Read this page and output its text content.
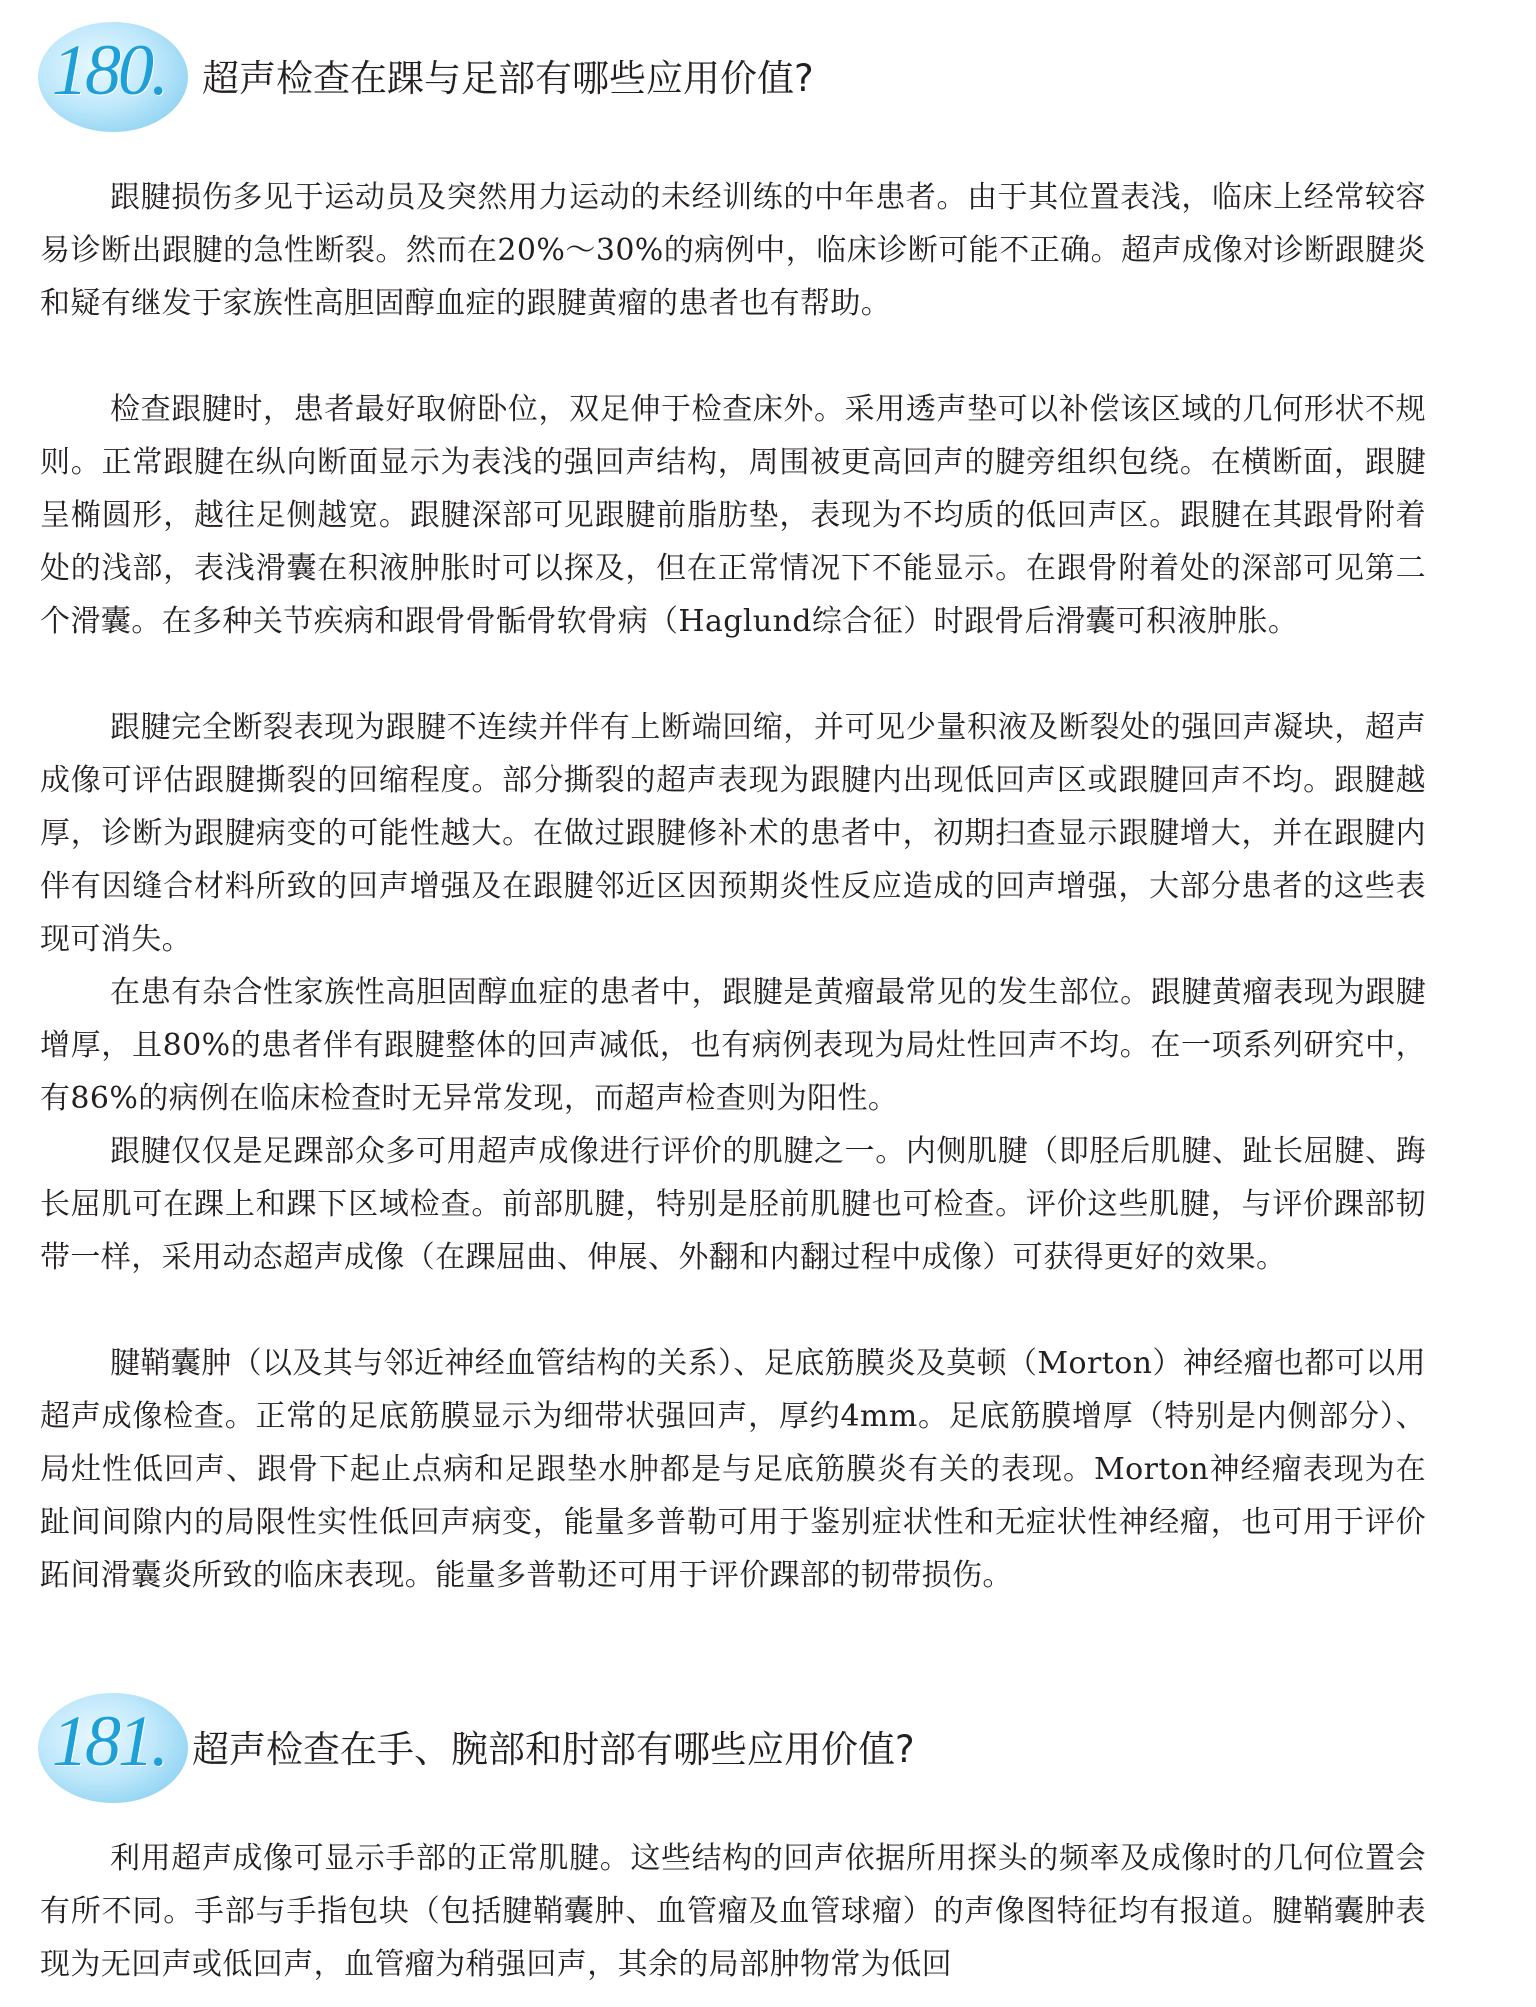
180. 超声检查在踝与足部有哪些应用价值?

跟腱损伤多见于运动员及突然用力运动的未经训练的中年患者。由于其位置表浅，临床上经常较容易诊断出跟腱的急性断裂。然而在20%～30%的病例中，临床诊断可能不正确。超声成像对诊断跟腱炎和疑有继发于家族性高胆固醇血症的跟腱黄瘤的患者也有帮助。

检查跟腱时，患者最好取俯卧位，双足伸于检查床外。采用透声垫可以补偿该区域的几何形状不规则。正常跟腱在纵向断面显示为表浅的强回声结构，周围被更高回声的腱旁组织包绕。在横断面，跟腱呈椭圆形，越往足侧越宽。跟腱深部可见跟腱前脂肪垫，表现为不均质的低回声区。跟腱在其跟骨附着处的浅部，表浅滑囊在积液肿胀时可以探及，但在正常情况下不能显示。在跟骨附着处的深部可见第二个滑囊。在多种关节疾病和跟骨骨骺骨软骨病（Haglund综合征）时跟骨后滑囊可积液肿胀。

跟腱完全断裂表现为跟腱不连续并伴有上断端回缩，并可见少量积液及断裂处的强回声凝块，超声成像可评估跟腱撕裂的回缩程度。部分撕裂的超声表现为跟腱内出现低回声区或跟腱回声不均。跟腱越厚，诊断为跟腱病变的可能性越大。在做过跟腱修补术的患者中，初期扫查显示跟腱增大，并在跟腱内伴有因缝合材料所致的回声增强及在跟腱邻近区因预期炎性反应造成的回声增强，大部分患者的这些表现可消失。

在患有杂合性家族性高胆固醇血症的患者中，跟腱是黄瘤最常见的发生部位。跟腱黄瘤表现为跟腱增厚，且80%的患者伴有跟腱整体的回声减低，也有病例表现为局灶性回声不均。在一项系列研究中，有86%的病例在临床检查时无异常发现，而超声检查则为阳性。

跟腱仅仅是足踝部众多可用超声成像进行评价的肌腱之一。内侧肌腱（即胫后肌腱、趾长屈腱、踇长屈肌可在踝上和踝下区域检查。前部肌腱，特别是胫前肌腱也可检查。评价这些肌腱，与评价踝部韧带一样，采用动态超声成像（在踝屈曲、伸展、外翻和内翻过程中成像）可获得更好的效果。

腱鞘囊肿（以及其与邻近神经血管结构的关系）、足底筋膜炎及莫顿（Morton）神经瘤也都可以用超声成像检查。正常的足底筋膜显示为细带状强回声，厚约4mm。足底筋膜增厚（特别是内侧部分）、局灶性低回声、跟骨下起止点病和足跟垫水肿都是与足底筋膜炎有关的表现。Morton神经瘤表现为在趾间间隙内的局限性实性低回声病变，能量多普勒可用于鉴别症状性和无症状性神经瘤，也可用于评价跖间滑囊炎所致的临床表现。能量多普勒还可用于评价踝部的韧带损伤。

181. 超声检查在手、腕部和肘部有哪些应用价值?

利用超声成像可显示手部的正常肌腱。这些结构的回声依据所用探头的频率及成像时的几何位置会有所不同。手部与手指包块（包括腱鞘囊肿、血管瘤及血管球瘤）的声像图特征均有报道。腱鞘囊肿表现为无回声或低回声，血管瘤为稍强回声，其余的局部肿物常为低回
